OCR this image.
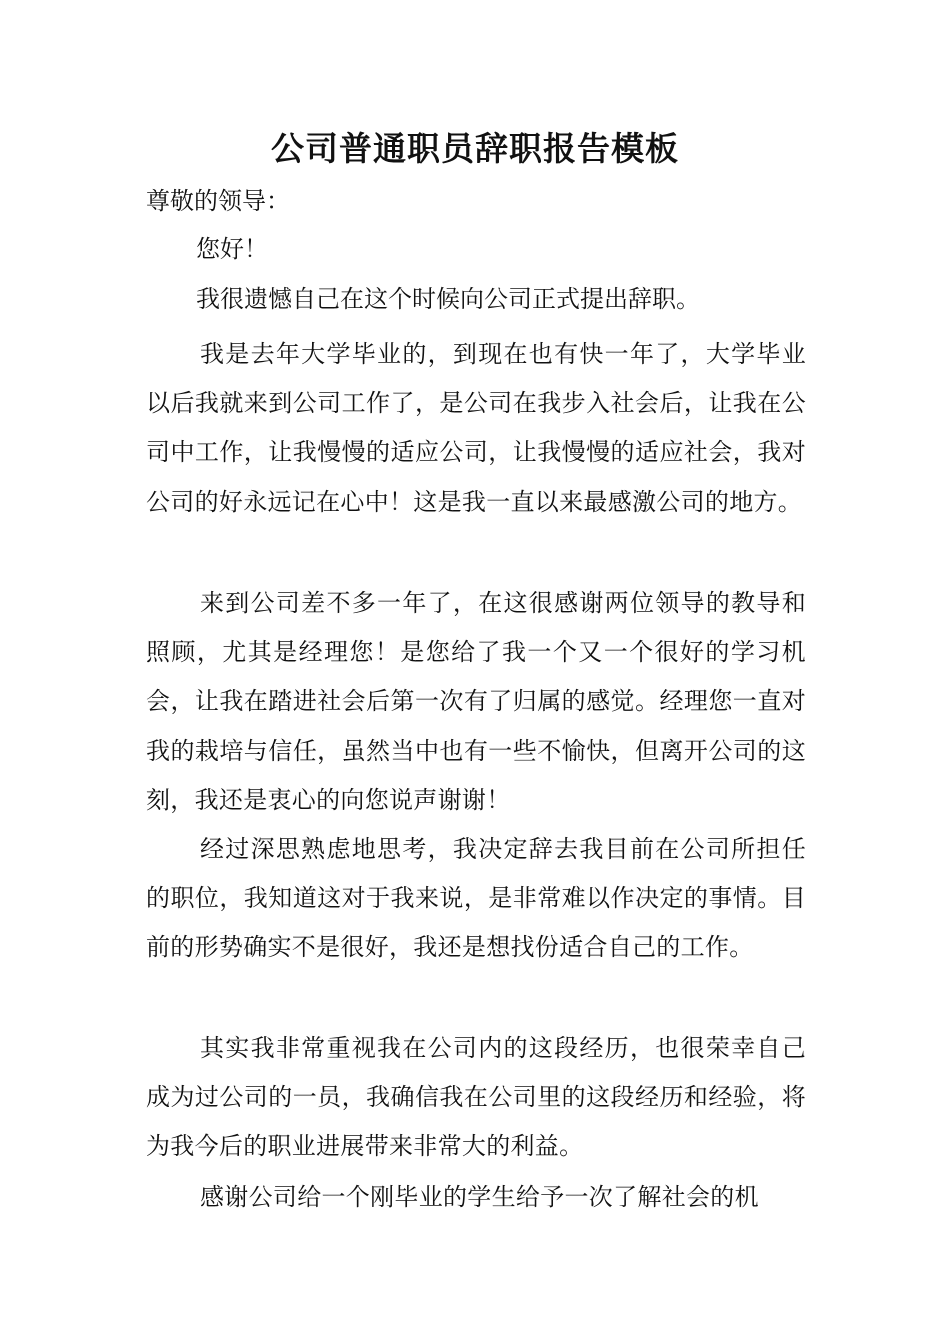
公司普通职员辞职报告模板
尊敬的领导：
您好！
我很遗憾自己在这个时候向公司正式提出辞职。
我是去年大学毕业的，到现在也有快一年了，大学毕业以后我就来到公司工作了，是公司在我步入社会后，让我在公司中工作，让我慢慢的适应公司，让我慢慢的适应社会，我对公司的好永远记在心中！这是我一直以来最感激公司的地方。
来到公司差不多一年了，在这很感谢两位领导的教导和照顾，尤其是经理您！是您给了我一个又一个很好的学习机会，让我在踏进社会后第一次有了归属的感觉。经理您一直对我的栽培与信任，虽然当中也有一些不愉快，但离开公司的这刻，我还是衷心的向您说声谢谢！
经过深思熟虑地思考，我决定辞去我目前在公司所担任的职位，我知道这对于我来说，是非常难以作决定的事情。目前的形势确实不是很好，我还是想找份适合自己的工作。
其实我非常重视我在公司内的这段经历，也很荣幸自己成为过公司的一员，我确信我在公司里的这段经历和经验，将为我今后的职业进展带来非常大的利益。
感谢公司给一个刚毕业的学生给予一次了解社会的机
